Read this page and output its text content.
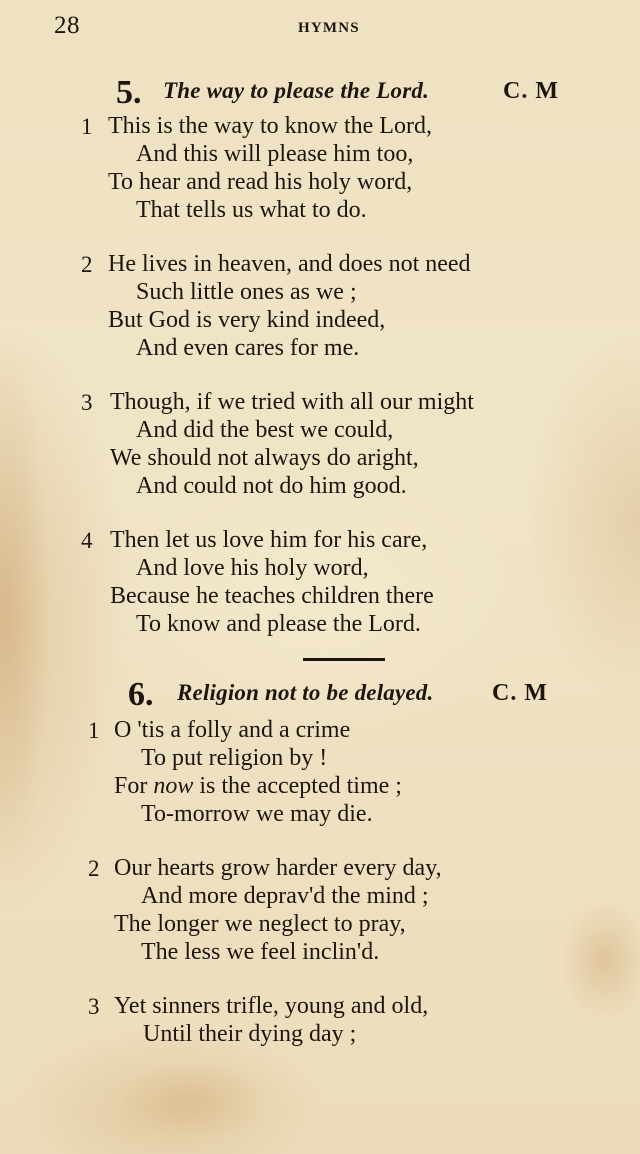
28	HYMNS
5. The way to please the Lord.	C. M
1 This is the way to know the Lord,
And this will please him too,
To hear and read his holy word,
That tells us what to do.
2 He lives in heaven, and does not need
Such little ones as we ;
But God is very kind indeed,
And even cares for me.
3 Though, if we tried with all our might
And did the best we could,
We should not always do aright,
And could not do him good.
4 Then let us love him for his care,
And love his holy word,
Because he teaches children there
To know and please the Lord.
6. Religion not to be delayed. C. M
1 O 'tis a folly and a crime
To put religion by !
For now is the accepted time ;
To-morrow we may die.
2 Our hearts grow harder every day,
And more deprav'd the mind ;
The longer we neglect to pray,
The less we feel inclin'd.
3 Yet sinners trifle, young and old,
Until their dying day ;
